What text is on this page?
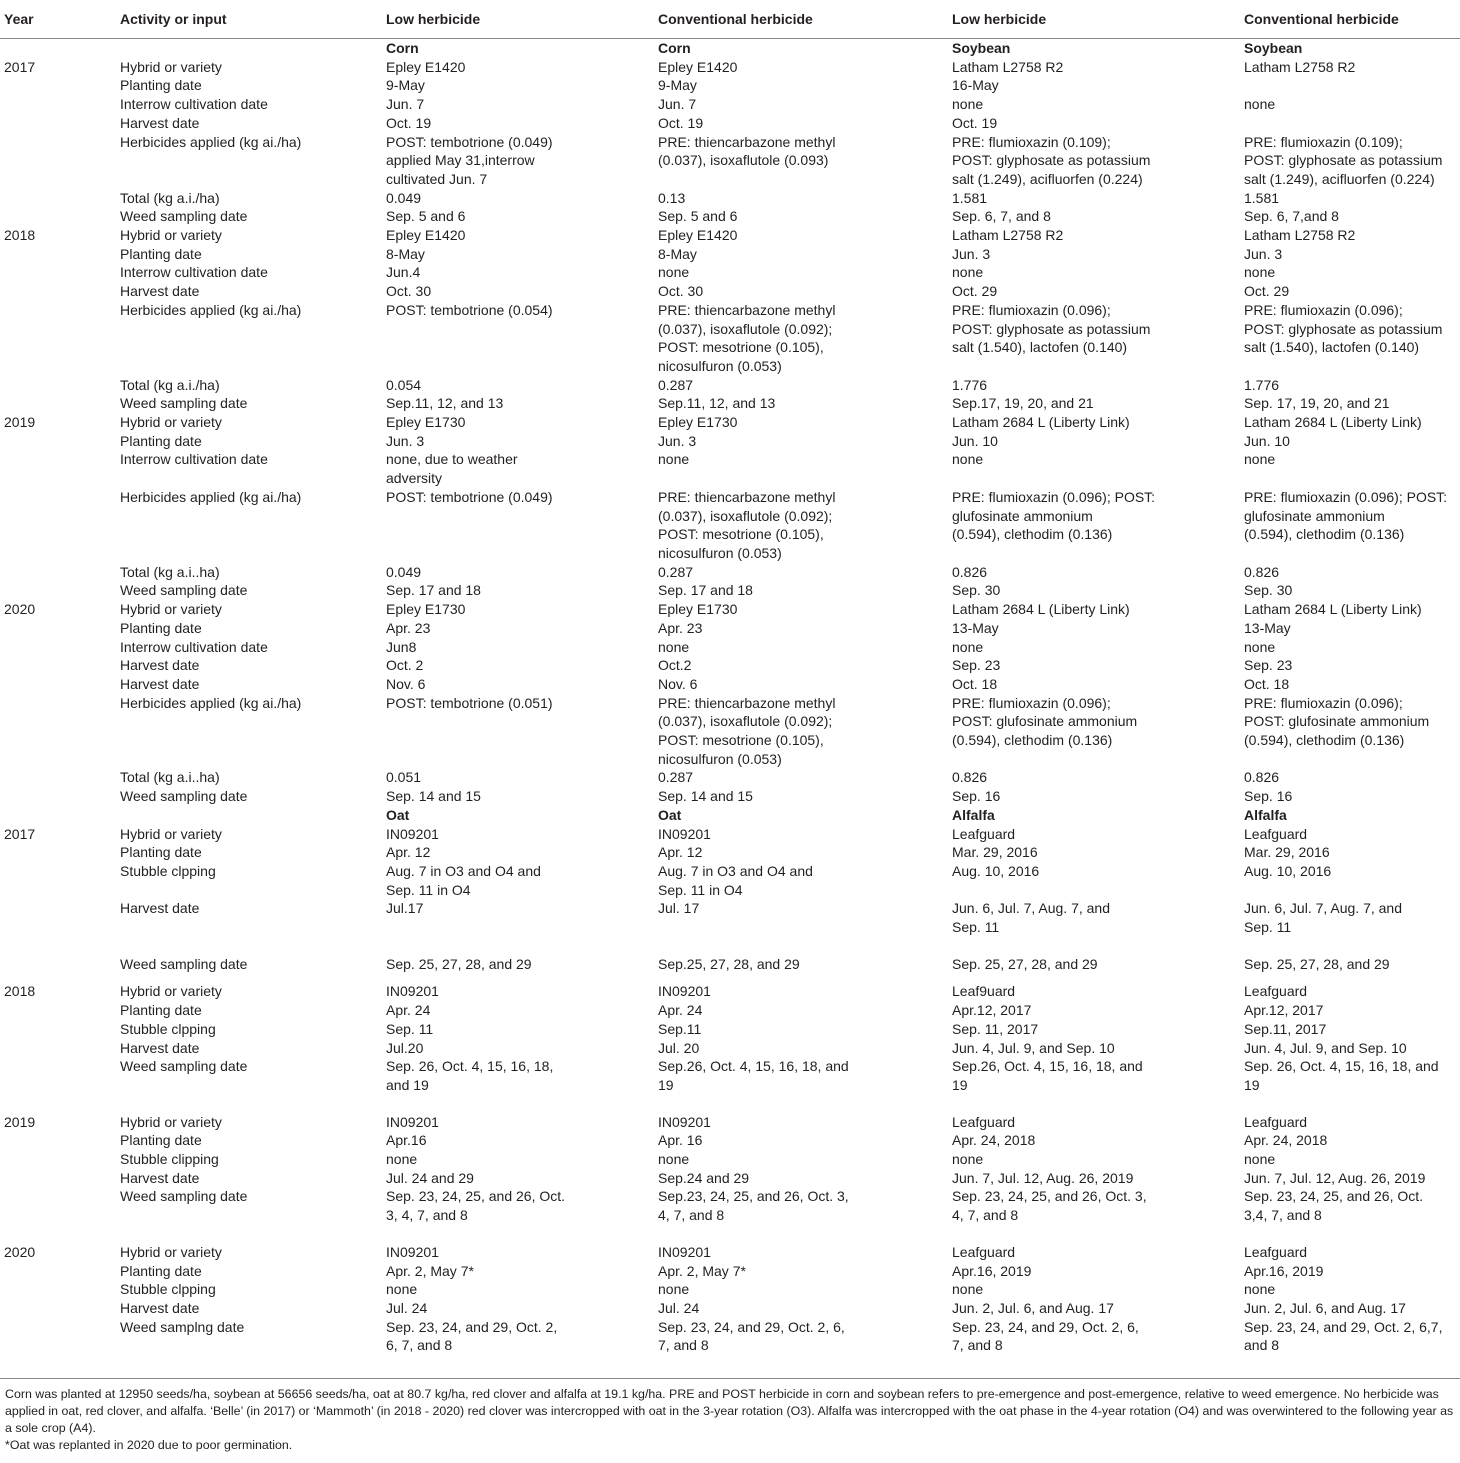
Year	Activity or input	Low herbicide	Conventional herbicide	Low herbicide	Conventional herbicide
		Corn	Corn	Soybean	Soybean
2017	Hybrid or variety	Epley E1420	Epley E1420	Latham L2758 R2	Latham L2758 R2
	Planting date	9-May	9-May	16-May	
	Interrow cultivation date	Jun. 7	Jun. 7	none	none
	Harvest date	Oct. 19	Oct. 19	Oct. 19	
	Herbicides applied (kg ai./ha)	POST: tembotrione (0.049)
applied May 31,interrow
cultivated Jun. 7	PRE: thiencarbazone methyl
(0.037), isoxaflutole (0.093)	PRE: flumioxazin (0.109);
POST: glyphosate as potassium
salt (1.249), acifluorfen (0.224)	PRE: flumioxazin (0.109);
POST: glyphosate as potassium
salt (1.249), acifluorfen (0.224)
	Total (kg a.i./ha)	0.049	0.13	1.581	1.581
	Weed sampling date	Sep. 5 and 6	Sep. 5 and 6	Sep. 6, 7, and 8	Sep. 6, 7,and 8
2018	Hybrid or variety	Epley E1420	Epley E1420	Latham L2758 R2	Latham L2758 R2
	Planting date	8-May	8-May	Jun. 3	Jun. 3
	Interrow cultivation date	Jun.4	none	none	none
	Harvest date	Oct. 30	Oct. 30	Oct. 29	Oct. 29
	Herbicides applied (kg ai./ha)	POST: tembotrione (0.054)	PRE: thiencarbazone methyl
(0.037), isoxaflutole (0.092);
POST: mesotrione (0.105),
nicosulfuron (0.053)	PRE: flumioxazin (0.096);
POST: glyphosate as potassium
salt (1.540), lactofen (0.140)	PRE: flumioxazin (0.096);
POST: glyphosate as potassium
salt (1.540), lactofen (0.140)
	Total (kg a.i./ha)	0.054	0.287	1.776	1.776
	Weed sampling date	Sep.11, 12, and 13	Sep.11, 12, and 13	Sep.17, 19, 20, and 21	Sep. 17, 19, 20, and 21
2019	Hybrid or variety	Epley E1730	Epley E1730	Latham 2684 L (Liberty Link)	Latham 2684 L (Liberty Link)
	Planting date	Jun. 3	Jun. 3	Jun. 10	Jun. 10
	Interrow cultivation date	none, due to weather
adversity	none	none	none
	Herbicides applied (kg ai./ha)	POST: tembotrione (0.049)	PRE: thiencarbazone methyl
(0.037), isoxaflutole (0.092);
POST: mesotrione (0.105),
nicosulfuron (0.053)	PRE: flumioxazin (0.096); POST:
glufosinate ammonium
(0.594), clethodim (0.136)	PRE: flumioxazin (0.096); POST:
glufosinate ammonium
(0.594), clethodim (0.136)
	Total (kg a.i..ha)	0.049	0.287	0.826	0.826
	Weed sampling date	Sep. 17 and 18	Sep. 17 and 18	Sep. 30	Sep. 30
2020	Hybrid or variety	Epley E1730	Epley E1730	Latham 2684 L (Liberty Link)	Latham 2684 L (Liberty Link)
	Planting date	Apr. 23	Apr. 23	13-May	13-May
	Interrow cultivation date	Jun8	none	none	none
	Harvest date	Oct. 2	Oct.2	Sep. 23	Sep. 23
	Harvest date	Nov. 6	Nov. 6	Oct. 18	Oct. 18
	Herbicides applied (kg ai./ha)	POST: tembotrione (0.051)	PRE: thiencarbazone methyl
(0.037), isoxaflutole (0.092);
POST: mesotrione (0.105),
nicosulfuron (0.053)	PRE: flumioxazin (0.096);
POST: glufosinate ammonium
(0.594), clethodim (0.136)	PRE: flumioxazin (0.096);
POST: glufosinate ammonium
(0.594), clethodim (0.136)
	Total (kg a.i..ha)	0.051	0.287	0.826	0.826
	Weed sampling date	Sep. 14 and 15	Sep. 14 and 15	Sep. 16	Sep. 16
		Oat	Oat	Alfalfa	Alfalfa
2017	Hybrid or variety	IN09201	IN09201	Leafguard	Leafguard
	Planting date	Apr. 12	Apr. 12	Mar. 29, 2016	Mar. 29, 2016
	Stubble clpping	Aug. 7 in O3 and O4 and
Sep. 11 in O4	Aug. 7 in O3 and O4 and
Sep. 11 in O4	Aug. 10, 2016	Aug. 10, 2016
	Harvest date	Jul.17	Jul. 17	Jun. 6, Jul. 7, Aug. 7, and
Sep. 11	Jun. 6, Jul. 7, Aug. 7, and
Sep. 11

	Weed sampling date	Sep. 25, 27, 28, and 29	Sep.25, 27, 28, and 29	Sep. 25, 27, 28, and 29	Sep. 25, 27, 28, and 29

2018	Hybrid or variety	IN09201	IN09201	Leaf9uard	Leafguard
	Planting date	Apr. 24	Apr. 24	Apr.12, 2017	Apr.12, 2017
	Stubble clpping	Sep. 11	Sep.11	Sep. 11, 2017	Sep.11, 2017
	Harvest date	Jul.20	Jul. 20	Jun. 4, Jul. 9, and Sep. 10	Jun. 4, Jul. 9, and Sep. 10
	Weed sampling date	Sep. 26, Oct. 4, 15, 16, 18,
and 19	Sep.26, Oct. 4, 15, 16, 18, and
19	Sep.26, Oct. 4, 15, 16, 18, and
19	Sep. 26, Oct. 4, 15, 16, 18, and
19

2019	Hybrid or variety	IN09201	IN09201	Leafguard	Leafguard
	Planting date	Apr.16	Apr. 16	Apr. 24, 2018	Apr. 24, 2018
	Stubble clipping	none	none	none	none
	Harvest date	Jul. 24 and 29	Sep.24 and 29	Jun. 7, Jul. 12, Aug. 26, 2019	Jun. 7, Jul. 12, Aug. 26, 2019
	Weed sampling date	Sep. 23, 24, 25, and 26, Oct.
3, 4, 7, and 8	Sep.23, 24, 25, and 26, Oct. 3,
4, 7, and 8	Sep. 23, 24, 25, and 26, Oct. 3,
4, 7, and 8	Sep. 23, 24, 25, and 26, Oct.
3,4, 7, and 8

2020	Hybrid or variety	IN09201	IN09201	Leafguard	Leafguard
	Planting date	Apr. 2, May 7*	Apr. 2, May 7*	Apr.16, 2019	Apr.16, 2019
	Stubble clpping	none	none	none	none
	Harvest date	Jul. 24	Jul. 24	Jun. 2, Jul. 6, and Aug. 17	Jun. 2, Jul. 6, and Aug. 17
	Weed samplng date	Sep. 23, 24, and 29, Oct. 2,
6, 7, and 8	Sep. 23, 24, and 29, Oct. 2, 6,
7, and 8	Sep. 23, 24, and 29, Oct. 2, 6,
7, and 8	Sep. 23, 24, and 29, Oct. 2, 6,7,
and 8
Corn was planted at 12950 seeds/ha, soybean at 56656 seeds/ha, oat at 80.7 kg/ha, red clover and alfalfa at 19.1 kg/ha. PRE and POST herbicide in corn and soybean refers to pre-emergence and post-emergence, relative to weed emergence. No herbicide was applied in oat, red clover, and alfalfa. ‘Belle’ (in 2017) or ‘Mammoth’ (in 2018 - 2020) red clover was intercropped with oat in the 3-year rotation (O3). Alfalfa was intercropped with the oat phase in the 4-year rotation (O4) and was overwintered to the following year as a sole crop (A4).
*Oat was replanted in 2020 due to poor germination.
